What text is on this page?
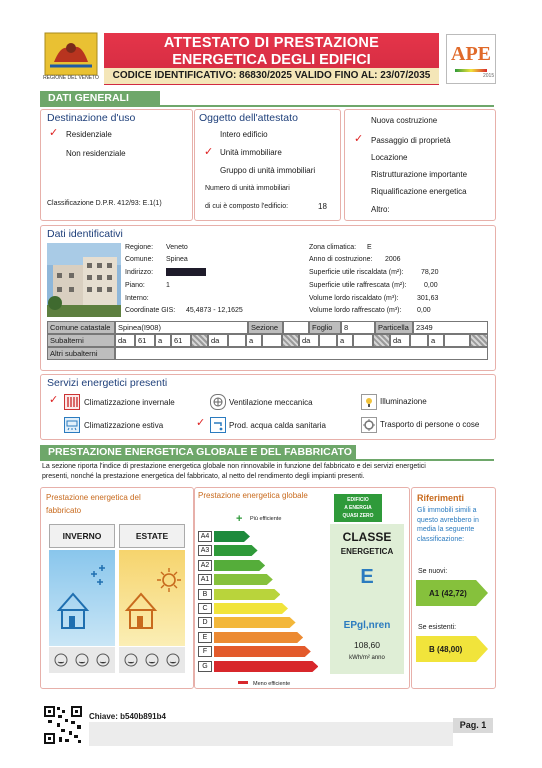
REGIONE DEL VENETO
ATTESTATO DI PRESTAZIONE
ENERGETICA DEGLI EDIFICI
CODICE IDENTIFICATIVO: 86830/2025 VALIDO FINO AL: 23/07/2035
APE
2015
DATI GENERALI
Destinazione d'uso
✓ Residenziale
Non residenziale
Classificazione D.P.R. 412/93: E.1(1)
Oggetto dell'attestato
Intero edificio
✓ Unità immobiliare
Gruppo di unità immobiliari
Numero di unità immobiliari
di cui è composto l'edificio:	18
Nuova costruzione
✓ Passaggio di proprietà
Locazione
Ristrutturazione importante
Riqualificazione energetica
Altro:
Dati identificativi
Regione: Veneto
Comune: Spinea
Indirizzo:
Piano:	1
Interno:
Coordinate GIS: 45,4873 - 12,1625
Zona climatica: E
Anno di costruzione: 2006
Superficie utile riscaldata (m²): 78,20
Superficie utile raffrescata (m²): 0,00
Volume lordo riscaldato (m³):	301,63
Volume lordo raffrescato (m³): 0,00
Comune catastale	Spinea(I908)	Sezione	Foglio	8	Particella 2349
Subalterni	da	61	a	61	da	a	da	a	da	a
Altri subalterni
Servizi energetici presenti
✓	Climatizzazione invernale	Ventilazione meccanica	Illuminazione
Climatizzazione estiva	✓	Prod. acqua calda sanitaria	Trasporto di persone o cose
PRESTAZIONE ENERGETICA GLOBALE E DEL FABBRICATO
La sezione riporta l'indice di prestazione energetica globale non rinnovabile in funzione del fabbricato e dei servizi energetici
presenti, nonché la prestazione energetica del fabbricato, al netto del rendimento degli impianti presenti.
Prestazione energetica del
fabbricato
INVERNO	ESTATE
Prestazione energetica globale
+ Più efficiente
A4
A3
A2
A1
B
C
D
E
F
G
Meno efficiente
EDIFICIO
A ENERGIA
QUASI ZERO
CLASSE
ENERGETICA
E
EPgl,nren
108,60
kWh/m² anno
Riferimenti
Gli immobili simili a
questo avrebbero in
media la seguente
classificazione:
Se nuovi:
A1 (42,72)
Se esistenti:
B (48,00)
Chiave: b540b891b4
Pag. 1
